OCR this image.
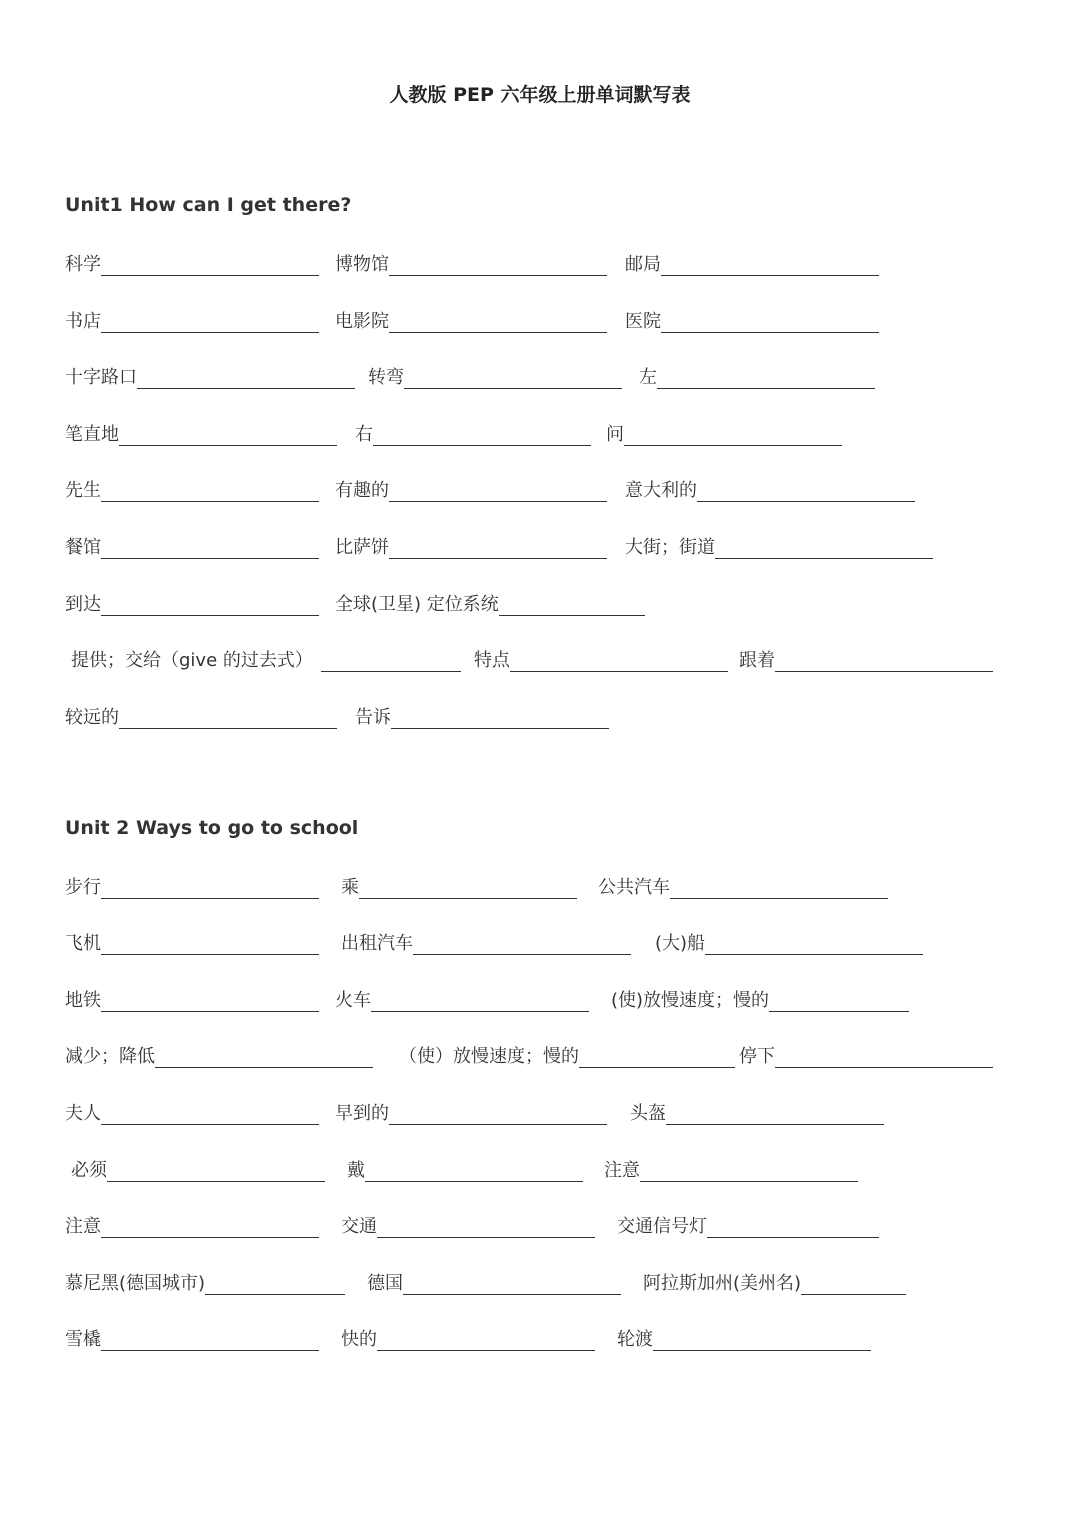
人教版 PEP 六年级上册单词默写表
Unit1 How can I get there?
科学	博物馆	邮局
书店	电影院	医院
十字路口	转弯	左
笔直地	右	问
先生	有趣的	意大利的
餐馆	比萨饼	大街；街道
到达	全球(卫星) 定位系统
提供；交给（give 的过去式）	特点	跟着
较远的	告诉
Unit 2 Ways to go to school
步行	乘	公共汽车
飞机	出租汽车	(大)船
地铁	火车	(使)放慢速度；慢的
减少；降低	（使）放慢速度；慢的	停下
夫人	早到的	头盔
必须	戴	注意
注意	交通	交通信号灯
慕尼黑(德国城市)	德国	阿拉斯加州(美州名)
雪橇	快的	轮渡
